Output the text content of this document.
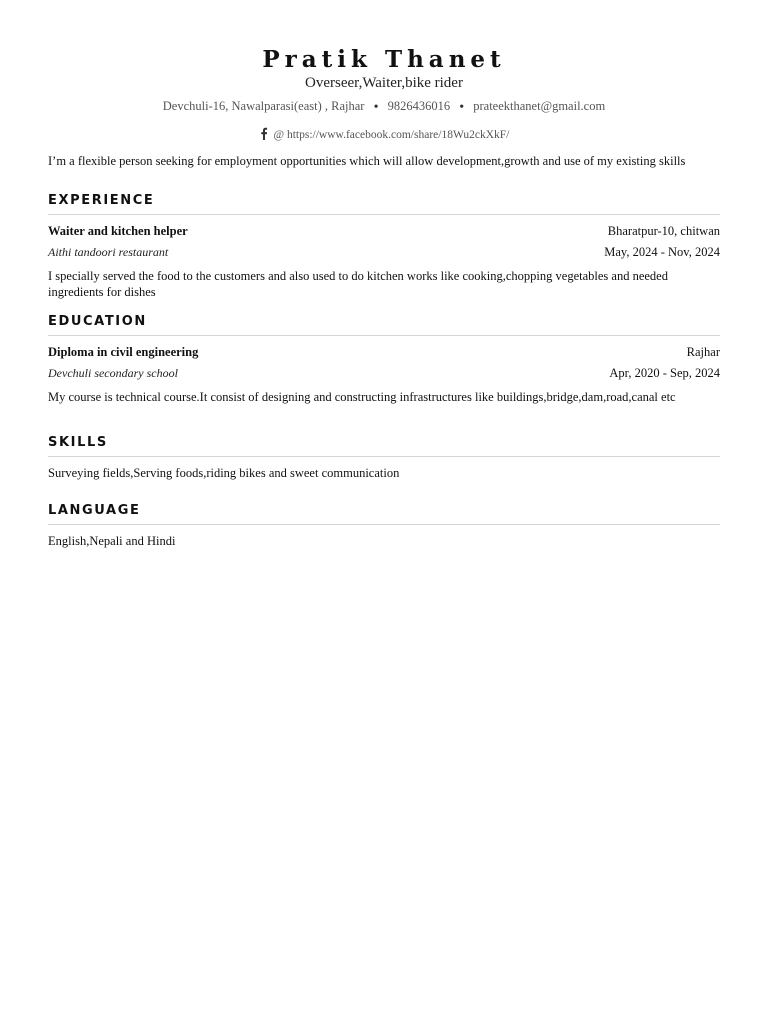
Pratik Thanet
Overseer,Waiter,bike rider
Devchuli-16, Nawalparasi(east) , Rajhar • 9826436016 • prateekthanet@gmail.com
@ https://www.facebook.com/share/18Wu2ckXkF/
I’m a flexible person seeking for employment opportunities which will allow development,growth and use of my existing skills
EXPERIENCE
Waiter and kitchen helper	Bharatpur-10, chitwan
Aithi tandoori restaurant	May, 2024 - Nov, 2024
I specially served the food to the customers and also used to do kitchen works like cooking,chopping vegetables and needed ingredients for dishes
EDUCATION
Diploma in civil engineering	Rajhar
Devchuli secondary school	Apr, 2020 - Sep, 2024
My course is technical course.It consist of designing and constructing infrastructures like buildings,bridge,dam,road,canal etc
SKILLS
Surveying fields,Serving foods,riding bikes and sweet communication
LANGUAGE
English,Nepali and Hindi
